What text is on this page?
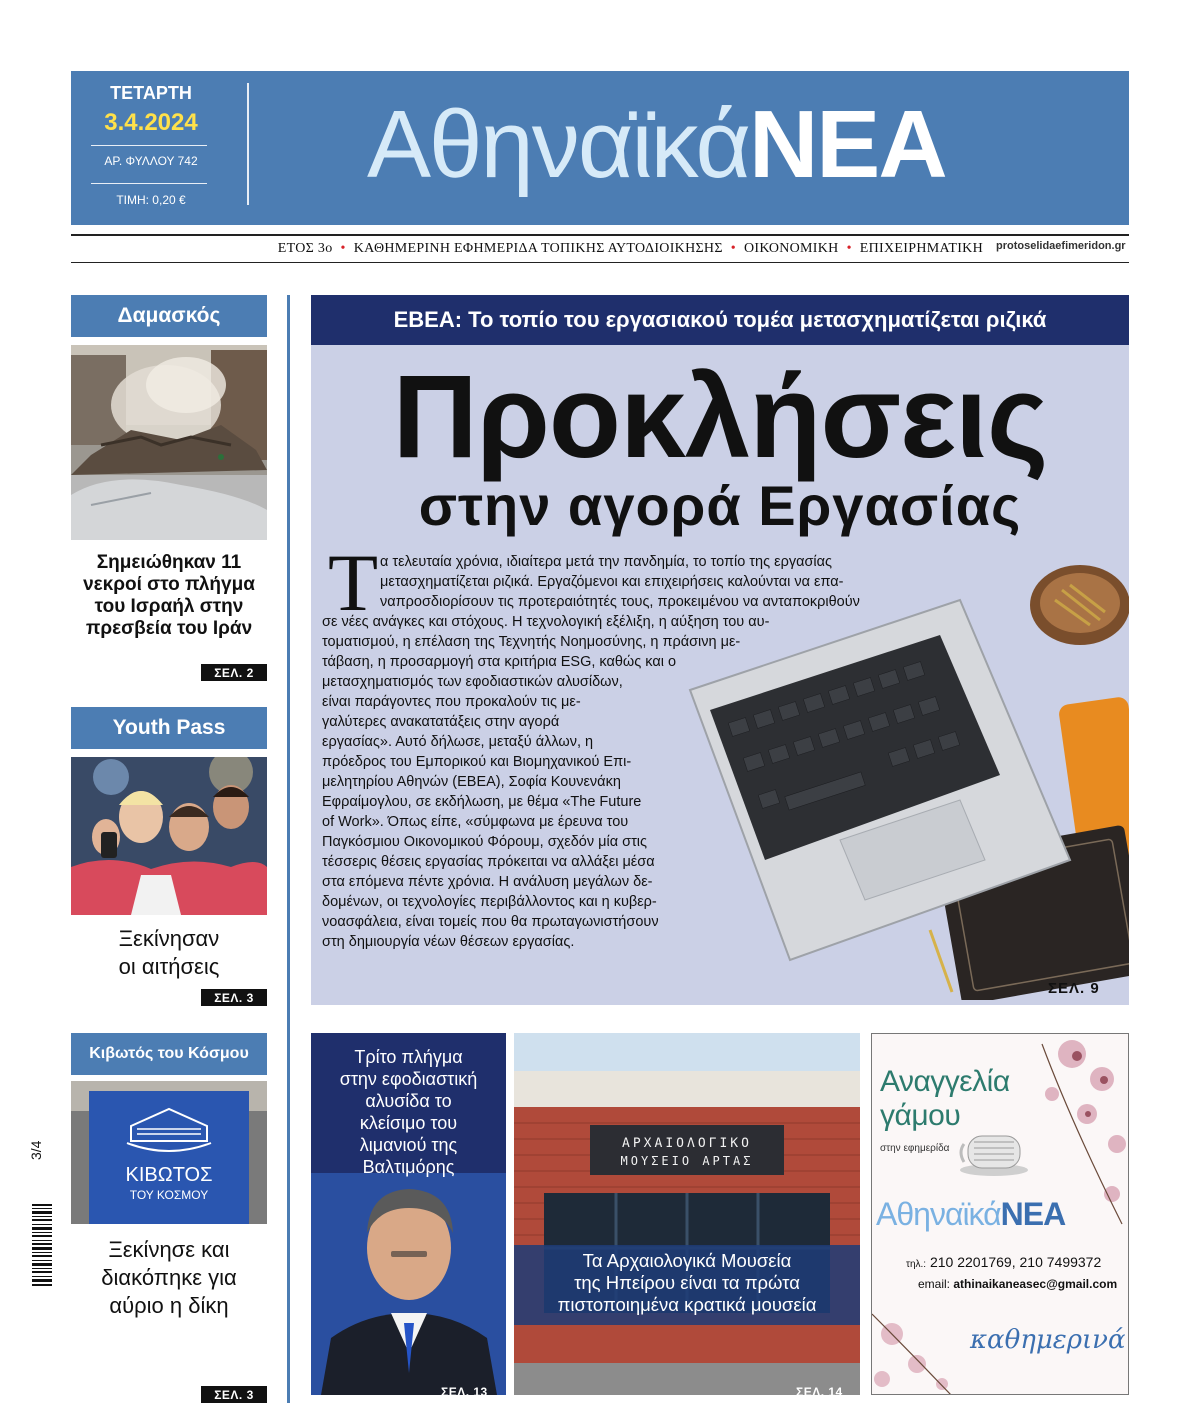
ΤΕΤΑΡΤΗ
3.4.2024
ΑΡ. ΦΥΛΛΟΥ 742
ΤΙΜΗ: 0,20 €
ΑθηναϊκάΝΕΑ
ΕΤΟΣ 3ο • ΚΑΘΗΜΕΡΙΝΗ ΕΦΗΜΕΡΙΔΑ ΤΟΠΙΚΗΣ ΑΥΤΟΔΙΟΙΚΗΣΗΣ • ΟΙΚΟΝΟΜΙΚΗ • ΕΠΙΧΕΙΡΗΜΑΤΙΚΗ protoselidaefimeridon.gr
Δαμασκός
Σημειώθηκαν 11
νεκροί στο πλήγμα
του Ισραήλ στην
πρεσβεία του Ιράν
ΣΕΛ. 2
Youth Pass
Ξεκίνησαν
οι αιτήσεις
ΣΕΛ. 3
Κιβωτός του Κόσμου
ΚΙΒΩΤΟΣ
ΤΟΥ ΚΟΣΜΟΥ
Ξεκίνησε και
διακόπηκε για
αύριο η δίκη
ΣΕΛ. 3
3/4
ΕΒΕΑ: Το τοπίο του εργασιακού τομέα μετασχηματίζεται ριζικά
Προκλήσεις
στην αγορά Εργασίας
Τ α τελευταία χρόνια, ιδιαίτερα μετά την πανδημία, το τοπίο της εργασίας
μετασχηματίζεται ριζικά. Εργαζόμενοι και επιχειρήσεις καλούνται να επα-
ναπροσδιορίσουν τις προτεραιότητές τους, προκειμένου να ανταποκριθούν
σε νέες ανάγκες και στόχους. Η τεχνολογική εξέλιξη, η αύξηση του αυ-
τοματισμού, η επέλαση της Τεχνητής Νοημοσύνης, η πράσινη με-
τάβαση, η προσαρμογή στα κριτήρια ESG, καθώς και ο
μετασχηματισμός των εφοδιαστικών αλυσίδων,
είναι παράγοντες που προκαλούν τις με-
γαλύτερες ανακατατάξεις στην αγορά
εργασίας». Αυτό δήλωσε, μεταξύ άλλων, η
πρόεδρος του Εμπορικού και Βιομηχανικού Επι-
μελητηρίου Αθηνών (ΕΒΕΑ), Σοφία Κουνενάκη
Εφραίμογλου, σε εκδήλωση, με θέμα «The Future
of Work». Όπως είπε, «σύμφωνα με έρευνα του
Παγκόσμιου Οικονομικού Φόρουμ, σχεδόν μία στις
τέσσερις θέσεις εργασίας πρόκειται να αλλάξει μέσα
στα επόμενα πέντε χρόνια. Η ανάλυση μεγάλων δε-
δομένων, οι τεχνολογίες περιβάλλοντος και η κυβερ-
νοασφάλεια, είναι τομείς που θα πρωταγωνιστήσουν
στη δημιουργία νέων θέσεων εργασίας.
ΣΕΛ. 9
Τρίτο πλήγμα
στην εφοδιαστική
αλυσίδα το
κλείσιμο του
λιμανιού της
Βαλτιμόρης
ΣΕΛ. 13
ΑΡΧΑΙΟΛΟΓΙΚΟ
ΜΟΥΣΕΙΟ ΑΡΤΑΣ
Τα Αρχαιολογικά Μουσεία
της Ηπείρου είναι τα πρώτα
πιστοποιημένα κρατικά μουσεία
ΣΕΛ. 14
Αναγγελία
γάμου
στην εφημερίδα
ΑθηναϊκάΝΕΑ
τηλ.: 210 2201769, 210 7499372
email: athinaikaneasec@gmail.com
καθημερινά
